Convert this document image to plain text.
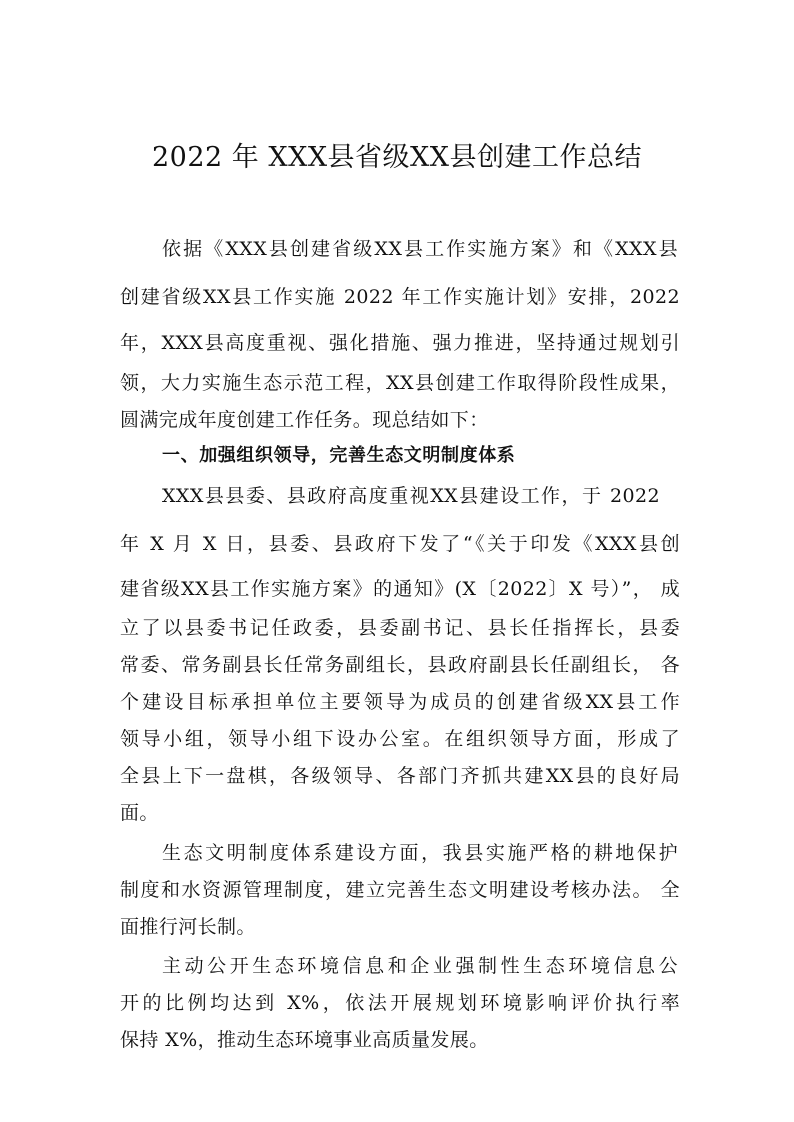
2022 年 XXX县省级XX县创建工作总结
依据《XXX县创建省级XX县工作实施方案》和《XXX县
创建省级XX县工作实施 2022 年工作实施计划》安排，2022
年，XXX县高度重视、强化措施、强力推进，坚持通过规划引
领，大力实施生态示范工程，XX县创建工作取得阶段性成果，
圆满完成年度创建工作任务。现总结如下：
一、加强组织领导，完善生态文明制度体系
XXX县县委、县政府高度重视XX县建设工作，于 2022
年 X 月 X 日，县委、县政府下发了“《关于印发《XXX县创
建省级XX县工作实施方案》的通知》(X〔2022〕X 号）”， 成
立了以县委书记任政委，县委副书记、县长任指挥长，县委
常委、常务副县长任常务副组长，县政府副县长任副组长， 各
个建设目标承担单位主要领导为成员的创建省级XX县工作
领导小组，领导小组下设办公室。在组织领导方面，形成了
全县上下一盘棋，各级领导、各部门齐抓共建XX县的良好局
面。
生态文明制度体系建设方面，我县实施严格的耕地保护
制度和水资源管理制度，建立完善生态文明建设考核办法。 全
面推行河长制。
主动公开生态环境信息和企业强制性生态环境信息公
开的比例均达到 X%，依法开展规划环境影响评价执行率
保持 X%，推动生态环境事业高质量发展。
